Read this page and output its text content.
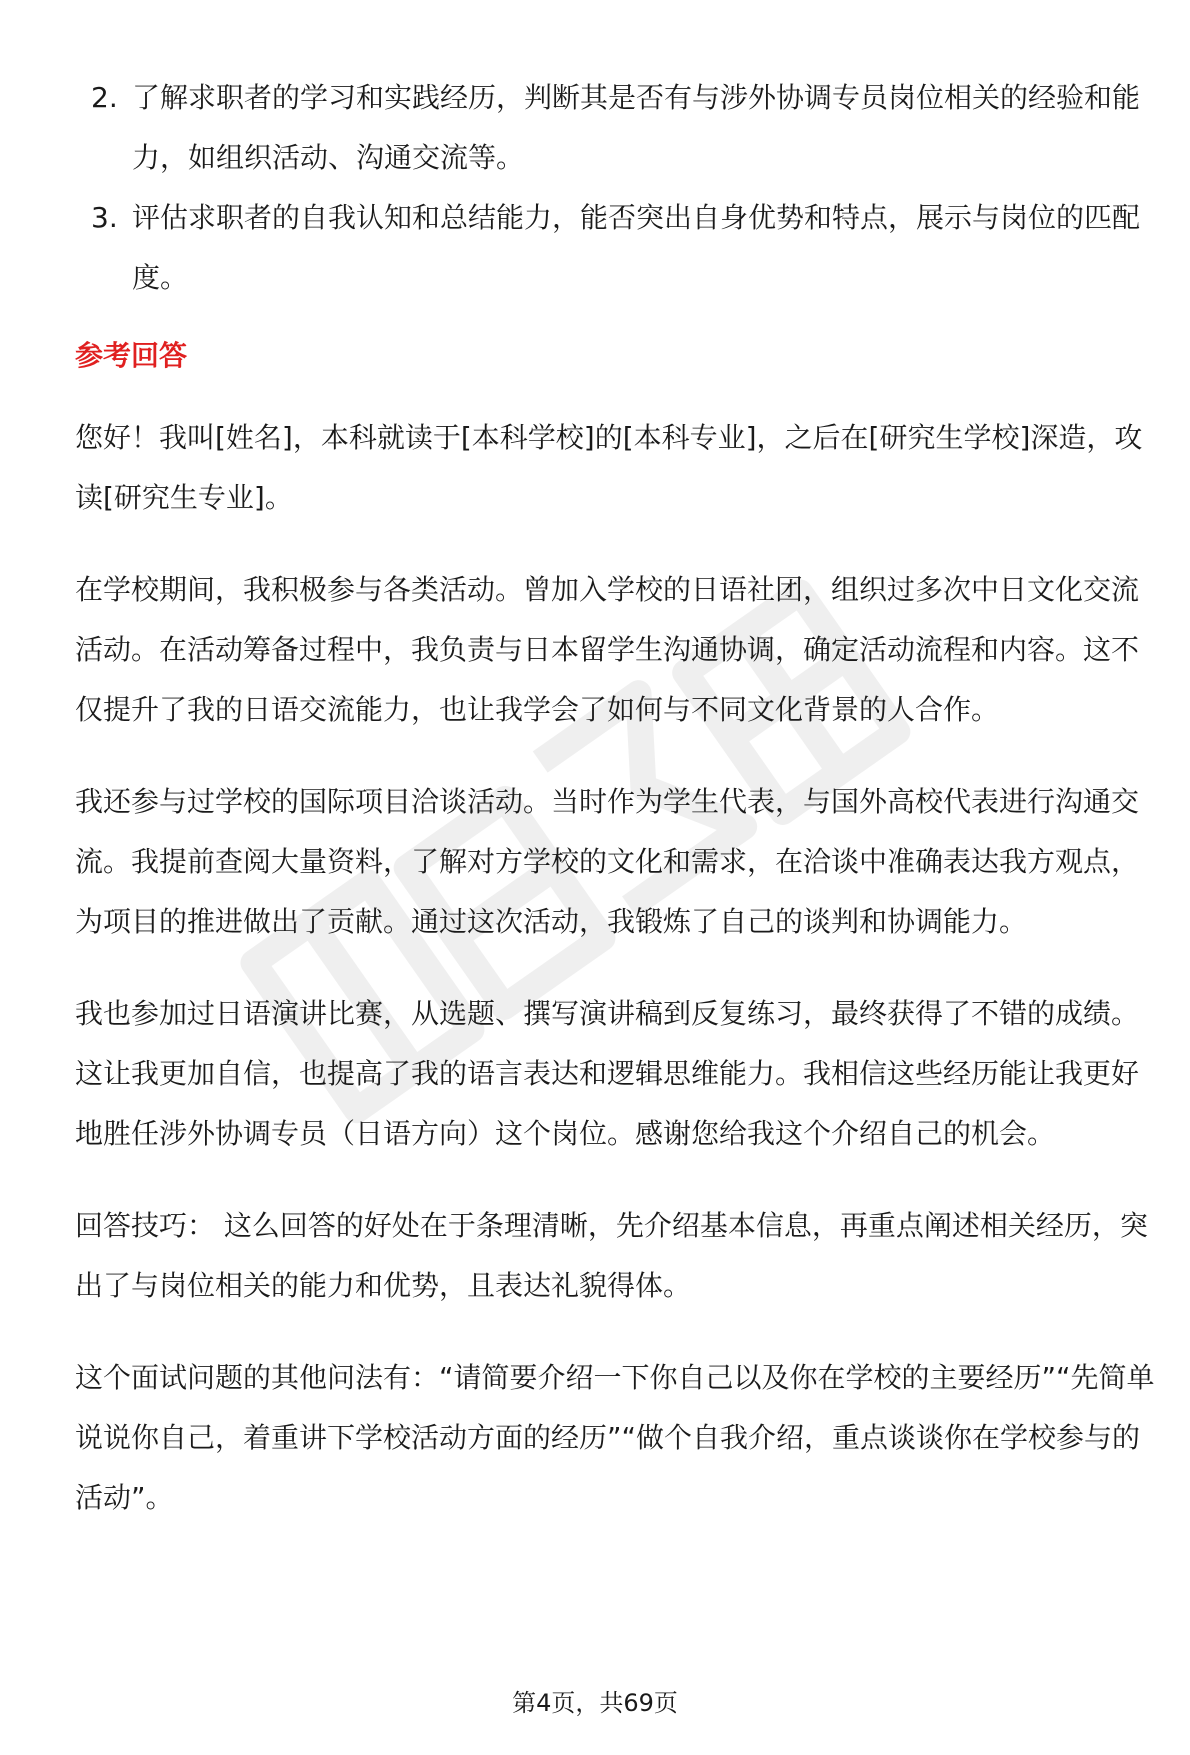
2. 了解求职者的学习和实践经历，判断其是否有与涉外协调专员岗位相关的经验和能力，如组织活动、沟通交流等。
3. 评估求职者的自我认知和总结能力，能否突出自身优势和特点，展示与岗位的匹配度。
参考回答

您好！我叫[姓名]，本科就读于[本科学校]的[本科专业]，之后在[研究生学校]深造，攻读[研究生专业]。

在学校期间，我积极参与各类活动。曾加入学校的日语社团，组织过多次中日文化交流活动。在活动筹备过程中，我负责与日本留学生沟通协调，确定活动流程和内容。这不仅提升了我的日语交流能力，也让我学会了如何与不同文化背景的人合作。

我还参与过学校的国际项目洽谈活动。当时作为学生代表，与国外高校代表进行沟通交流。我提前查阅大量资料，了解对方学校的文化和需求，在洽谈中准确表达我方观点，为项目的推进做出了贡献。通过这次活动，我锻炼了自己的谈判和协调能力。

我也参加过日语演讲比赛，从选题、撰写演讲稿到反复练习，最终获得了不错的成绩。这让我更加自信，也提高了我的语言表达和逻辑思维能力。我相信这些经历能让我更好地胜任涉外协调专员（日语方向）这个岗位。感谢您给我这个介绍自己的机会。

回答技巧： 这么回答的好处在于条理清晰，先介绍基本信息，再重点阐述相关经历，突出了与岗位相关的能力和优势，且表达礼貌得体。

这个面试问题的其他问法有：“请简要介绍一下你自己以及你在学校的主要经历”“先简单说说你自己，着重讲下学校活动方面的经历”“做个自我介绍，重点谈谈你在学校参与的活动”。

第4页，共69页
